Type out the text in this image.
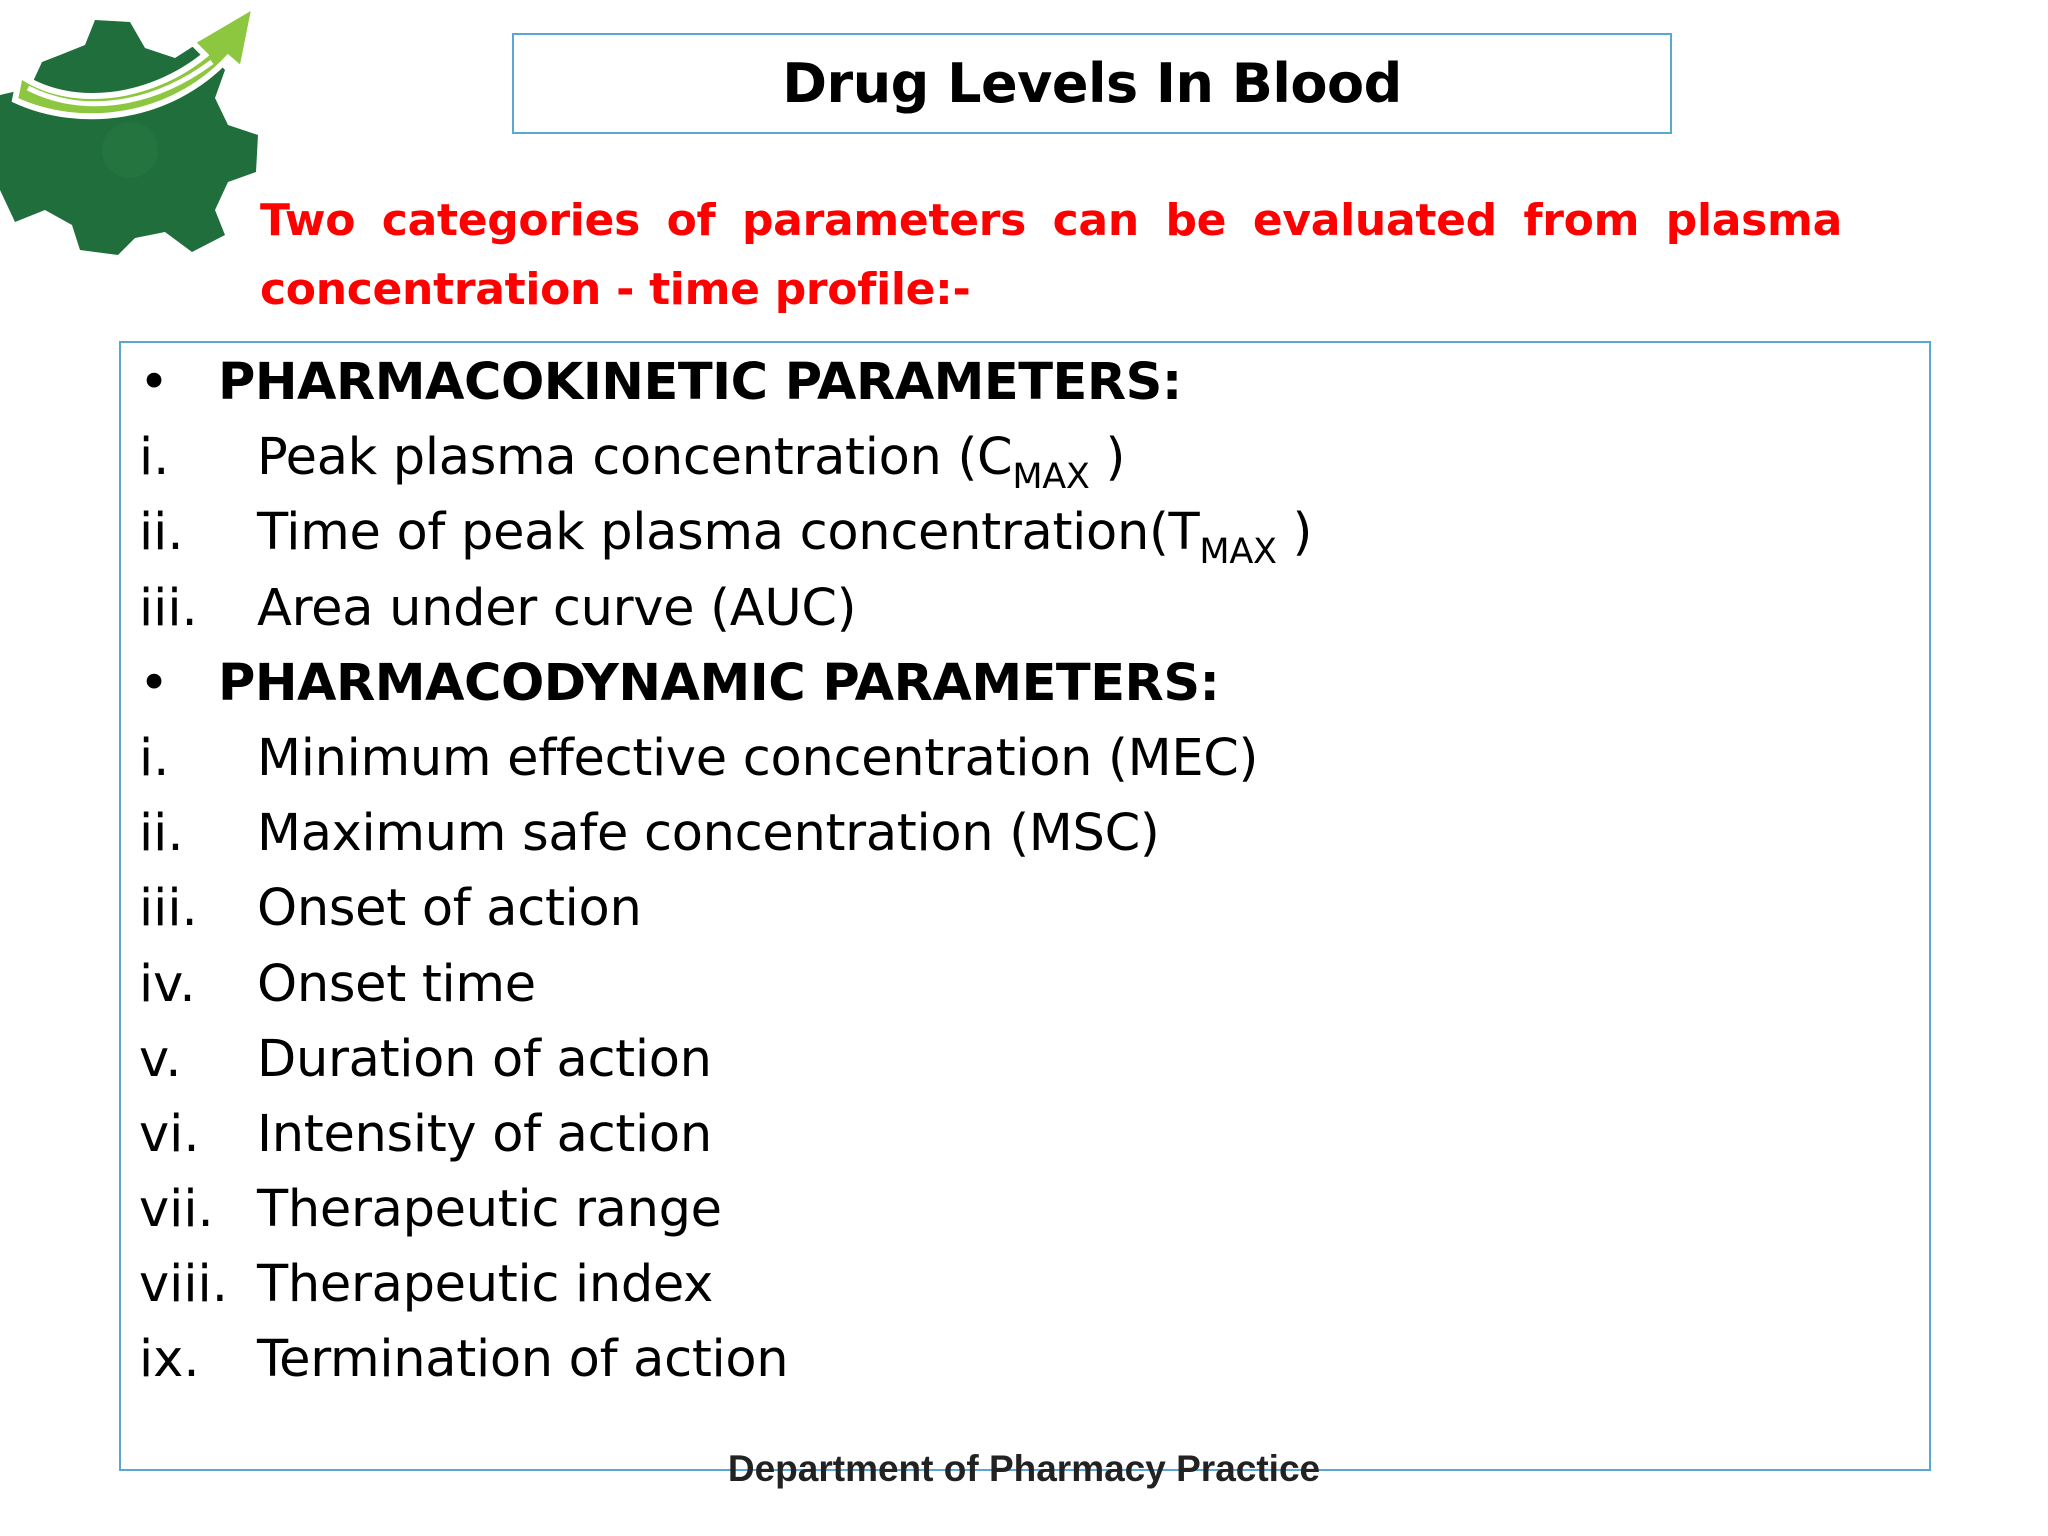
Drug Levels In Blood
Two categories of parameters can be evaluated from plasma concentration - time profile:-
• PHARMACOKINETIC PARAMETERS:
i.	Peak plasma concentration ($C_{MAX}$ )
ii.	Time of peak plasma $concentration(T_{MAX}$ )
iii.	Area under curve (AUC)
• PHARMACODYNAMIC PARAMETERS:
i.	Minimum effective concentration (MEC)
ii.	Maximum safe concentration (MSC)
iii.	Onset of action
iv.	Onset time
v.	Duration of action
vi.	Intensity of action
vii. Therapeutic range
viii. Therapeutic index
ix.	Termination of action
Department of Pharmacy Practice
